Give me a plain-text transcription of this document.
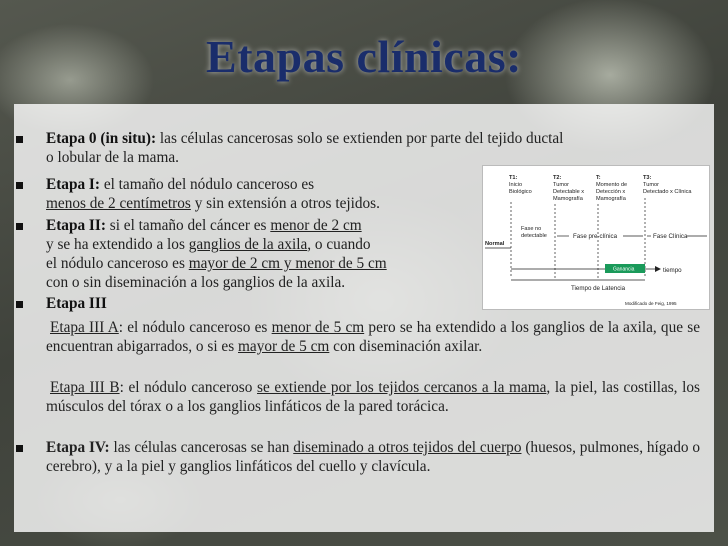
Etapas clínicas:
Etapa 0 (in situ): las células cancerosas solo se extienden por parte del tejido ductal
o lobular de la mama.
Etapa I: el tamaño del nódulo canceroso es
menos de 2 centímetros y sin extensión a otros tejidos.
Etapa II: si el tamaño del cáncer es menor de 2 cm
y se ha extendido a los ganglios de la axila, o cuando
el nódulo canceroso es mayor de 2 cm y menor de 5 cm
con o sin diseminación a los ganglios de la axila.
Etapa III
Etapa III A: el nódulo canceroso es menor de 5 cm pero se ha extendido a los ganglios de la axila, que se encuentran abigarrados, o si es mayor de 5 cm con diseminación axilar.
Etapa III B: el nódulo canceroso se extiende por los tejidos cercanos a la mama, la piel, las costillas, los músculos del tórax o a los ganglios linfáticos de la pared torácica.
Etapa IV: las células cancerosas se han diseminado a otros tejidos del cuerpo (huesos, pulmones, hígado o cerebro), y a la piel y ganglios linfáticos del cuello y clavícula.
T1:
Inicio
Biológico
T2:
Tumor
Detectable x
Mamografía
T:
Momento de
Detección x
Mamografía
T3:
Tumor
Detectado x Clínica
Normal
Fase no
detectable	Fase pre-clínica	Fase Clínica
tiempo
Tiempo de Latencia
Modificado de Feig, 1995
Ganancia
